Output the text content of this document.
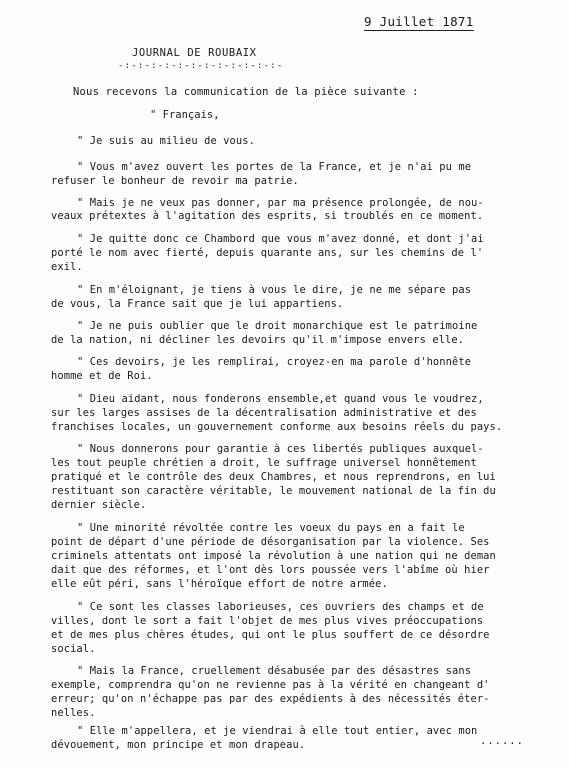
9 Juillet 1871
JOURNAL DE ROUBAIX
-:-:-:-:-:-:-:-:-:-:-:-:-
Nous recevons la communication de la pièce suivante :
" Français,
" Je suis au milieu de vous.
" Vous m'avez ouvert les portes de la France, et je n'ai pu me
refuser le bonheur de revoir ma patrie.
" Mais je ne veux pas donner, par ma présence prolongée, de nou-
veaux prétextes à l'agitation des esprits, si troublés en ce moment.
" Je quitte donc ce Chambord que vous m'avez donné, et dont j'ai
porté le nom avec fierté, depuis quarante ans, sur les chemins de l'
exil.
" En m'éloignant, je tiens à vous le dire, je ne me sépare pas
de vous, la France sait que je lui appartiens.
" Je ne puis oublier que le droit monarchique est le patrimoine
de la nation, ni décliner les devoirs qu'il m'impose envers elle.
" Ces devoirs, je les remplirai, croyez-en ma parole d'honnête
homme et de Roi.
" Dieu aidant, nous fonderons ensemble,et quand vous le voudrez,
sur les larges assises de la décentralisation administrative et des
franchises locales, un gouvernement conforme aux besoins réels du pays.
" Nous donnerons pour garantie à ces libertés publiques auxquel-
les tout peuple chrétien a droit, le suffrage universel honnêtement
pratiqué et le contrôle des deux Chambres, et nous reprendrons, en lui
restituant son caractère véritable, le mouvement national de la fin du
dernier siècle.
" Une minorité révoltée contre les voeux du pays en a fait le
point de départ d'une période de désorganisation par la violence. Ses
criminels attentats ont imposé la révolution à une nation qui ne deman
dait que des réformes, et l'ont dès lors poussée vers l'abîme où hier
elle eût péri, sans l'héroïque effort de notre armée.
" Ce sont les classes laborieuses, ces ouvriers des champs et de
villes, dont le sort a fait l'objet de mes plus vives préoccupations
et de mes plus chères études, qui ont le plus souffert de ce désordre
social.
" Mais la France, cruellement désabusée par des désastres sans
exemple, comprendra qu'on ne revienne pas à la vérité en changeant d'
erreur; qu'on n'échappe pas par des expédients à des nécessités éter-
nelles.
" Elle m'appellera, et je viendrai à elle tout entier, avec mon
dévouement, mon principe et mon drapeau.	......
